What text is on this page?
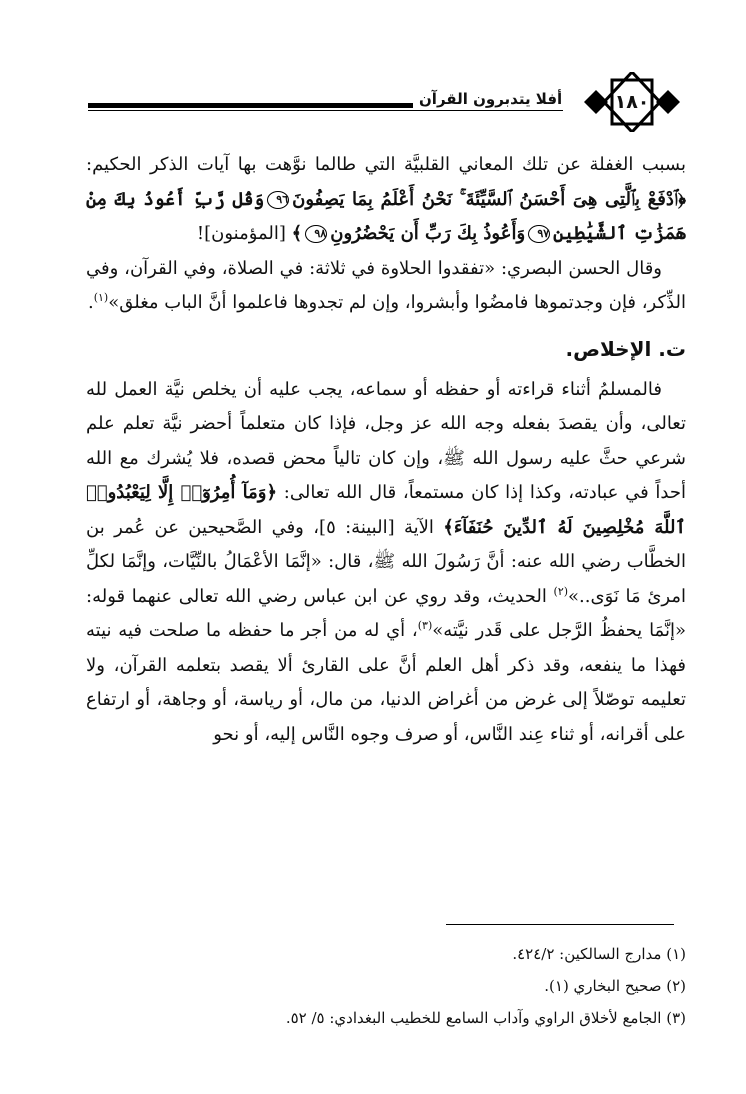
أفلا يتدبرون القرآن	١٨٠

بسبب الغفلة عن تلك المعاني القلبيَّة التي طالما نوَّهت بها آيات الذكر الحكيم: ﴿ٱدْفَعْ بِٱلَّتِى هِىَ أَحْسَنُ ٱلسَّيِّئَةَ ۚ نَحْنُ أَعْلَمُ بِمَا يَصِفُونَ٩٦وَقُل رَّبِّ أَعُوذُ بِكَ مِنْ هَمَزَٰتِ ٱلشَّيَٰطِينِ٩٧وَأَعُوذُ بِكَ رَبِّ أَن يَحْضُرُونِ٩٨﴾ [المؤمنون]!

وقال الحسن البصري: «تفقدوا الحلاوة في ثلاثة: في الصلاة، وفي القرآن، وفي الذِّكر، فإن وجدتموها فامضُوا وأبشروا، وإن لم تجدوها فاعلموا أنَّ الباب مغلق»$^{(١)}$.

ت. الإخلاص.

فالمسلمُ أثناء قراءته أو حفظه أو سماعه، يجب عليه أن يخلص نيَّة العمل لله تعالى، وأن يقصدَ بفعله وجه الله عز وجل، فإذا كان متعلماً أحضر نيَّة تعلم علم شرعي حثَّ عليه رسول الله ﷺ، وإن كان تالياً محض قصده، فلا يُشرك مع الله أحداً في عبادته، وكذا إذا كان مستمعاً، قال الله تعالى: ﴿وَمَآ أُمِرُوٓا۟ إِلَّا لِيَعْبُدُوا۟ ٱللَّهَ مُخْلِصِينَ لَهُ ٱلدِّينَ حُنَفَآءَ﴾ الآية [البينة: ٥]، وفي الصَّحيحين عن عُمر بن الخطَّاب رضي الله عنه: أنَّ رَسُولَ الله ﷺ، قال: «إنَّمَا الأعْمَالُ بالنِّيَّات، وإنَّمَا لكلِّ امرئ مَا نَوَى..»$^{(٢)}$ الحديث، وقد روي عن ابن عباس رضي الله تعالى عنهما قوله: «إنَّمَا يحفظُ الرَّجل على قَدر نيَّته»$^{(٣)}$، أي له من أجر ما حفظه ما صلحت فيه نيته فهذا ما ينفعه، وقد ذكر أهل العلم أنَّ على القارئ ألا يقصد بتعلمه القرآن، ولا تعليمه توصّلاً إلى غرض من أغراض الدنيا، من مال، أو رياسة، أو وجاهة، أو ارتفاع على أقرانه، أو ثناء عِند النَّاس، أو صرف وجوه النَّاس إليه، أو نحو

(١) مدارج السالكين: ٤٢٤/٢.

(٢) صحيح البخاري (١).

(٣) الجامع لأخلاق الراوي وآداب السامع للخطيب البغدادي: ٥/ ٥٢.
